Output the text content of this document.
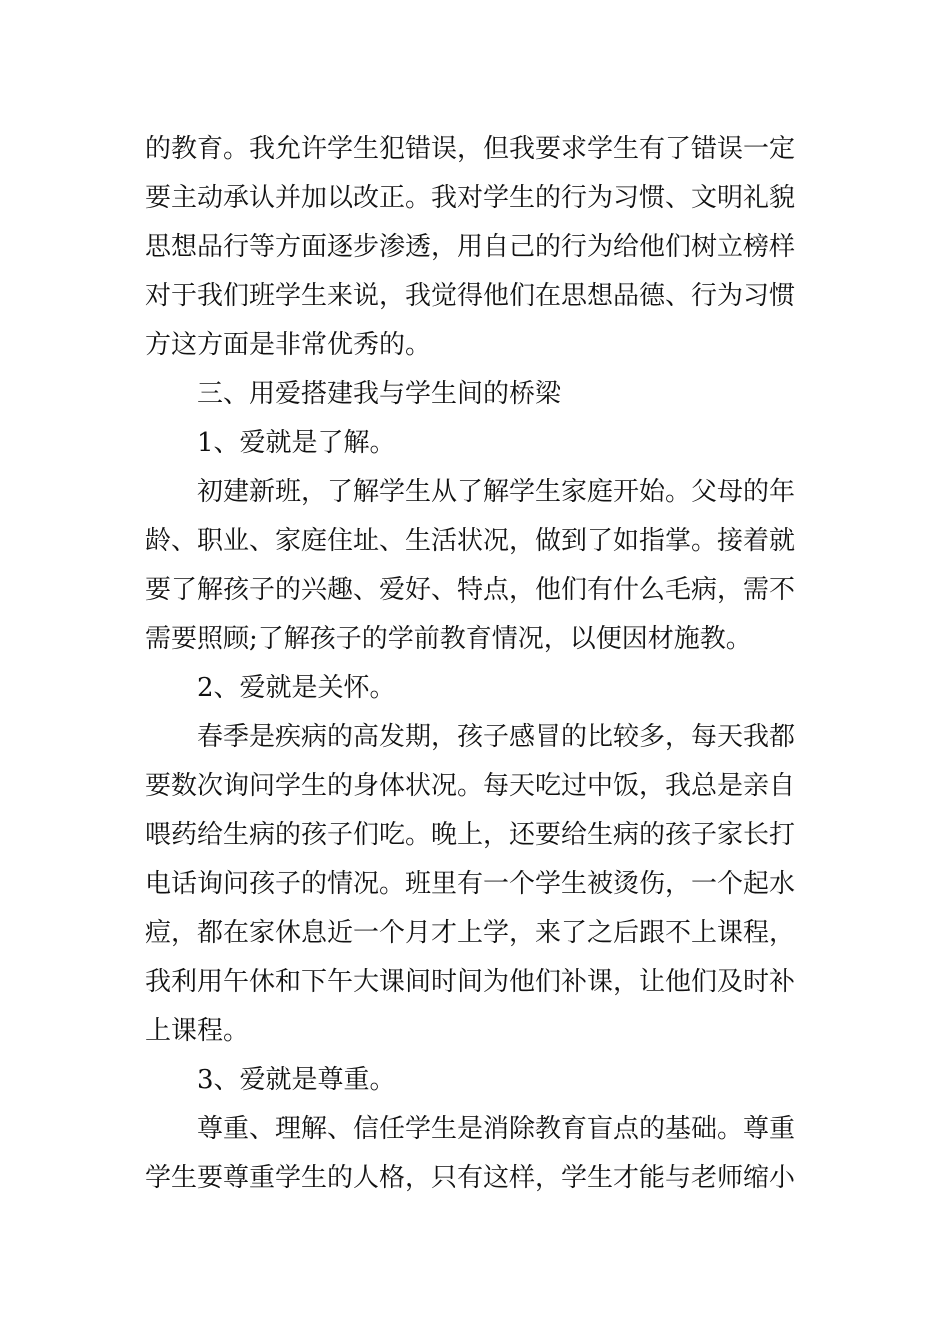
的教育。我允许学生犯错误，但我要求学生有了错误一定
要主动承认并加以改正。我对学生的行为习惯、文明礼貌
思想品行等方面逐步渗透，用自己的行为给他们树立榜样
对于我们班学生来说，我觉得他们在思想品德、行为习惯
方这方面是非常优秀的。
三、用爱搭建我与学生间的桥梁
1、爱就是了解。
初建新班，了解学生从了解学生家庭开始。父母的年
龄、职业、家庭住址、生活状况，做到了如指掌。接着就
要了解孩子的兴趣、爱好、特点，他们有什么毛病，需不
需要照顾;了解孩子的学前教育情况，以便因材施教。
2、爱就是关怀。
春季是疾病的高发期，孩子感冒的比较多，每天我都
要数次询问学生的身体状况。每天吃过中饭，我总是亲自
喂药给生病的孩子们吃。晚上，还要给生病的孩子家长打
电话询问孩子的情况。班里有一个学生被烫伤，一个起水
痘，都在家休息近一个月才上学，来了之后跟不上课程，
我利用午休和下午大课间时间为他们补课，让他们及时补
上课程。
3、爱就是尊重。
尊重、理解、信任学生是消除教育盲点的基础。尊重
学生要尊重学生的人格，只有这样，学生才能与老师缩小
